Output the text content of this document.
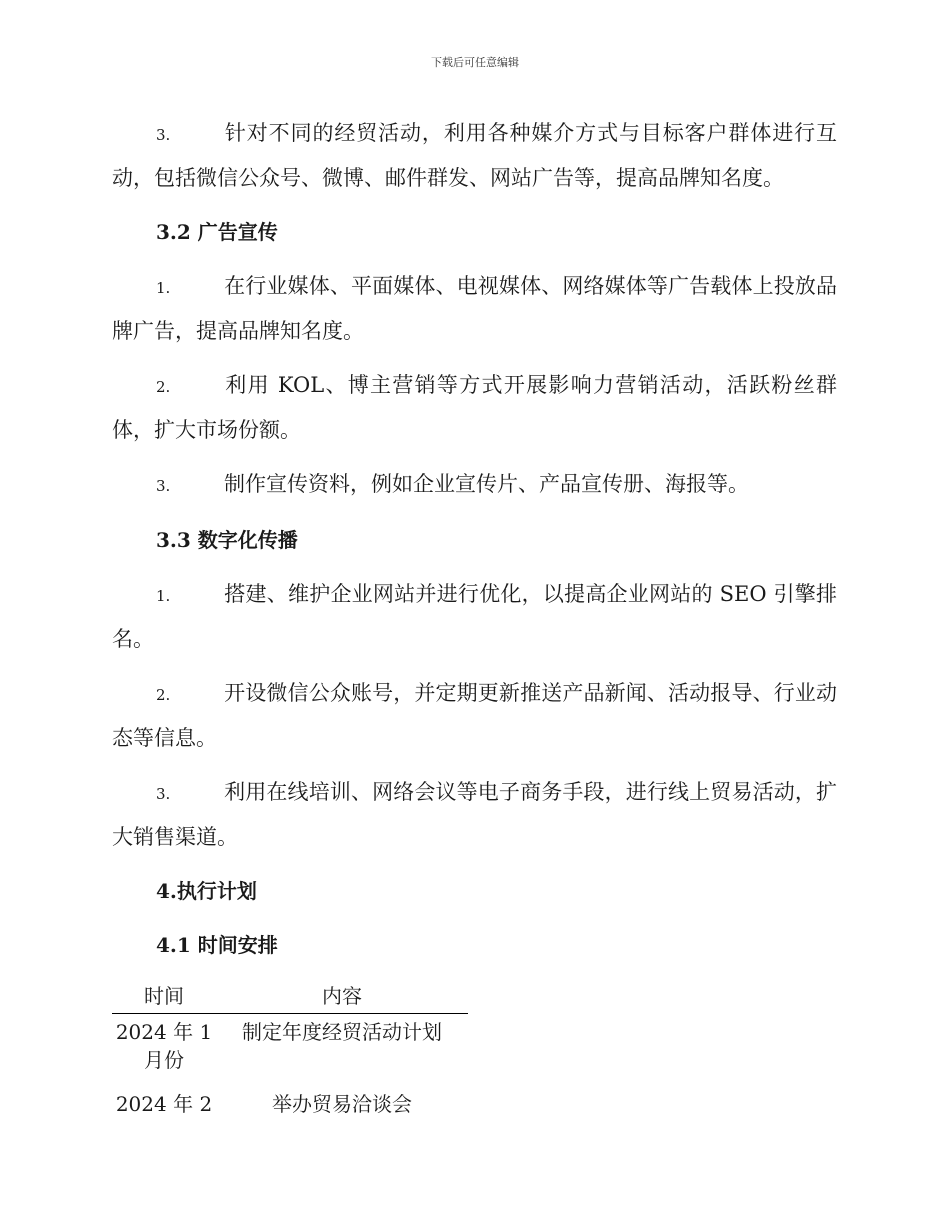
下载后可任意编辑

3.	针对不同的经贸活动，利用各种媒介方式与目标客户群体进行互动，包括微信公众号、微博、邮件群发、网站广告等，提高品牌知名度。

3.2 广告宣传

1.	在行业媒体、平面媒体、电视媒体、网络媒体等广告载体上投放品牌广告，提高品牌知名度。

2.	利用 KOL、博主营销等方式开展影响力营销活动，活跃粉丝群体，扩大市场份额。

3.	制作宣传资料，例如企业宣传片、产品宣传册、海报等。

3.3 数字化传播

1.	搭建、维护企业网站并进行优化，以提高企业网站的 SEO 引擎排名。

2.	开设微信公众账号，并定期更新推送产品新闻、活动报导、行业动态等信息。

3.	利用在线培训、网络会议等电子商务手段，进行线上贸易活动，扩大销售渠道。

4.执行计划

4.1 时间安排

时间	内容
2024 年 1 月份	制定年度经贸活动计划
2024 年 2	举办贸易洽谈会
